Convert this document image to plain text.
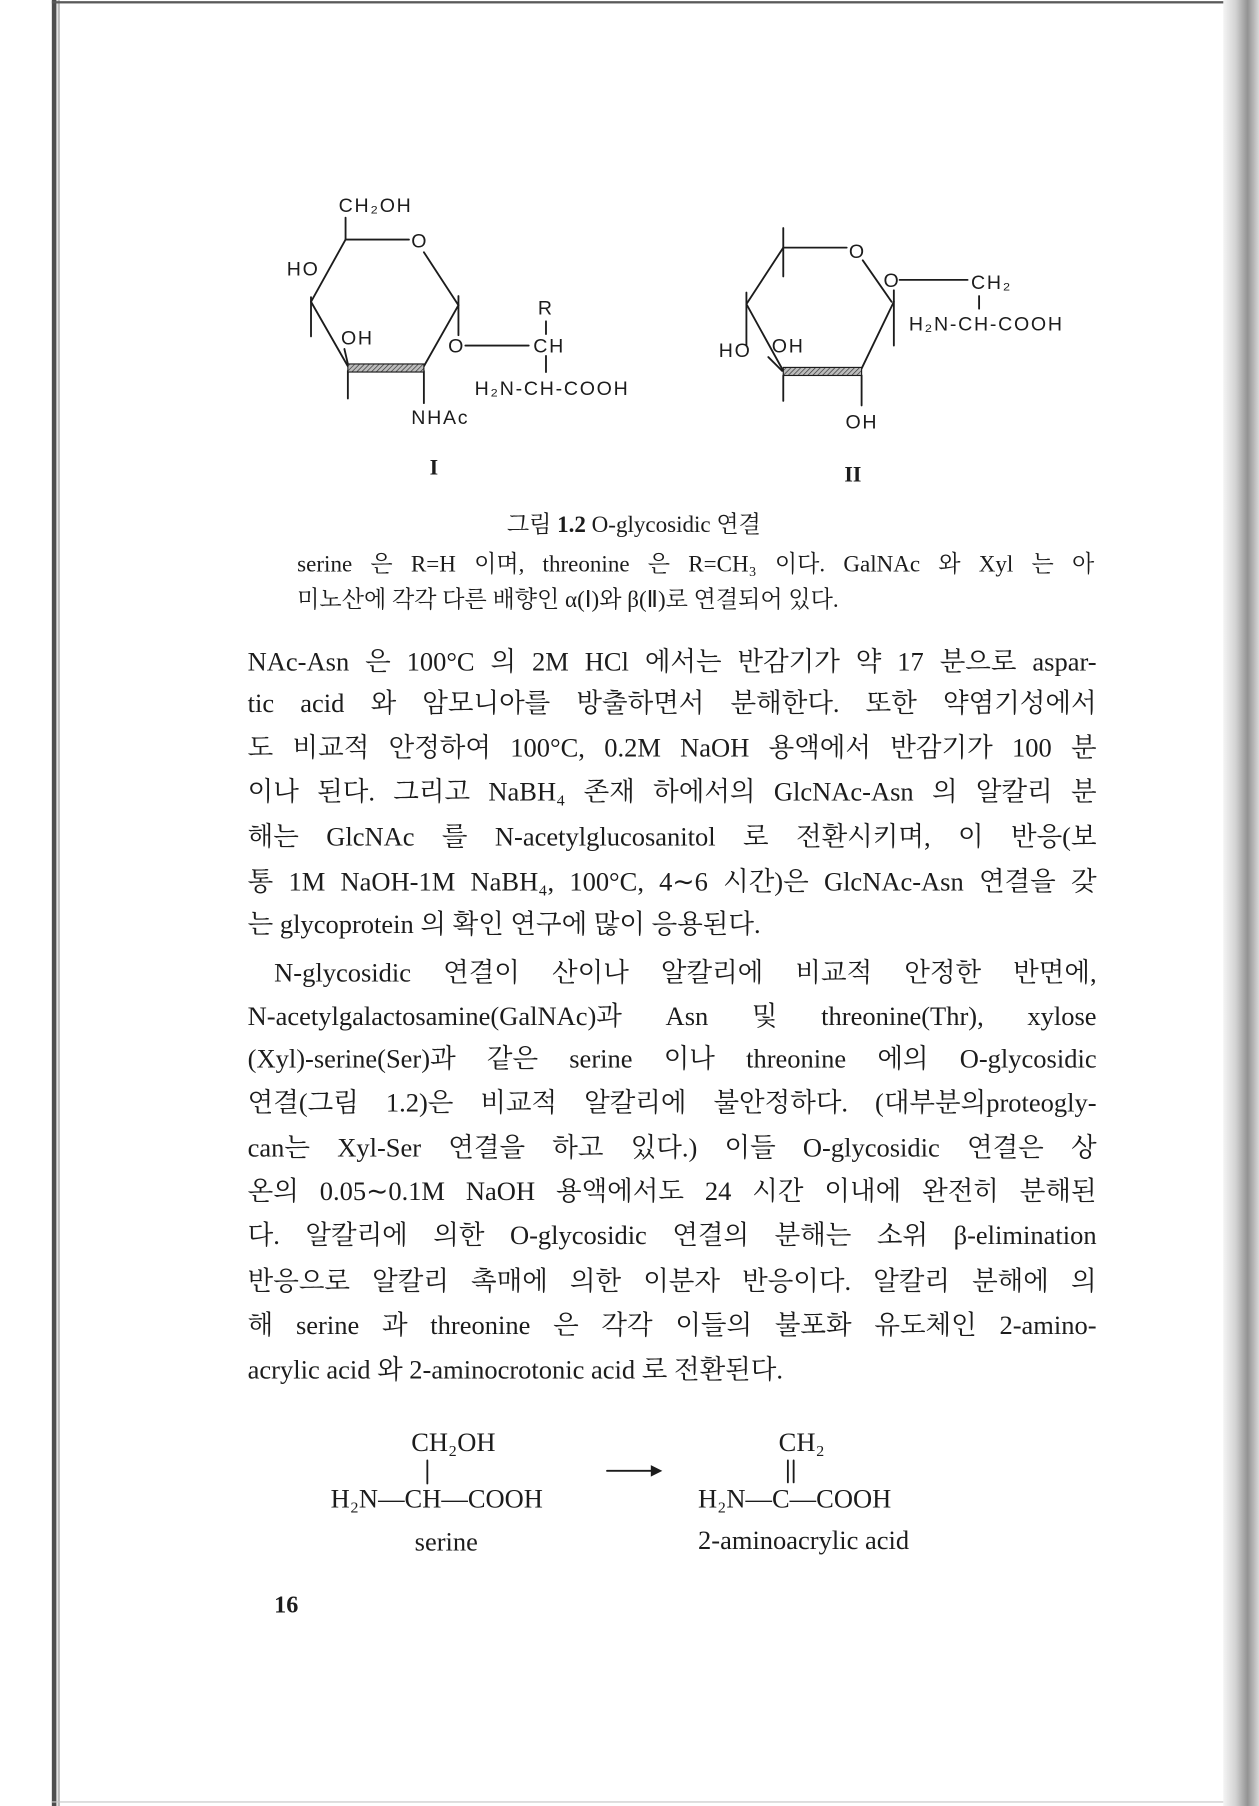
CH₂OH
HO
O
OH
R
O	CH
H₂N-CH-COOH
NHAc
I
O
O	CH₂
H₂N-CH-COOH
HO OH
OH
II
CH₂OH
H₂N—CH—COOH
serine
CH₂
H₂N—C—COOH
2-aminoacrylic acid
16
그림 1.2 O-glycosidic 연결
serine 은 R=H 이며, threonine 은 R=CH₃ 이다. GalNAc 와 Xyl 는 아
미노산에 각각 다른 배향인 α(Ⅰ)와 β(Ⅱ)로 연결되어 있다.
NAc-Asn 은 100°C 의 2M HCl 에서는 반감기가 약 17 분으로 aspar-
tic acid 와 암모니아를 방출하면서 분해한다. 또한 약염기성에서
도 비교적 안정하여 100°C, 0.2M NaOH 용액에서 반감기가 100 분
이나 된다. 그리고 NaBH₄ 존재 하에서의 GlcNAc-Asn 의 알칼리 분
해는 GlcNAc 를 N-acetylglucosanitol 로 전환시키며, 이 반응(보
통 1M NaOH-1M NaBH₄, 100°C, 4∼6 시간)은 GlcNAc-Asn 연결을 갖
는 glycoprotein 의 확인 연구에 많이 응용된다.
N-glycosidic 연결이 산이나 알칼리에 비교적 안정한 반면에,
N-acetylgalactosamine(GalNAc)과 Asn 및 threonine(Thr), xylose
(Xyl)-serine(Ser)과 같은 serine 이나 threonine 에의 O-glycosidic
연결(그림 1.2)은 비교적 알칼리에 불안정하다. (대부분의proteogly-
can는 Xyl-Ser 연결을 하고 있다.) 이들 O-glycosidic 연결은 상
온의 0.05∼0.1M NaOH 용액에서도 24 시간 이내에 완전히 분해된
다. 알칼리에 의한 O-glycosidic 연결의 분해는 소위 β-elimination
반응으로 알칼리 촉매에 의한 이분자 반응이다. 알칼리 분해에 의
해 serine 과 threonine 은 각각 이들의 불포화 유도체인 2-amino-
acrylic acid 와 2-aminocrotonic acid 로 전환된다.
